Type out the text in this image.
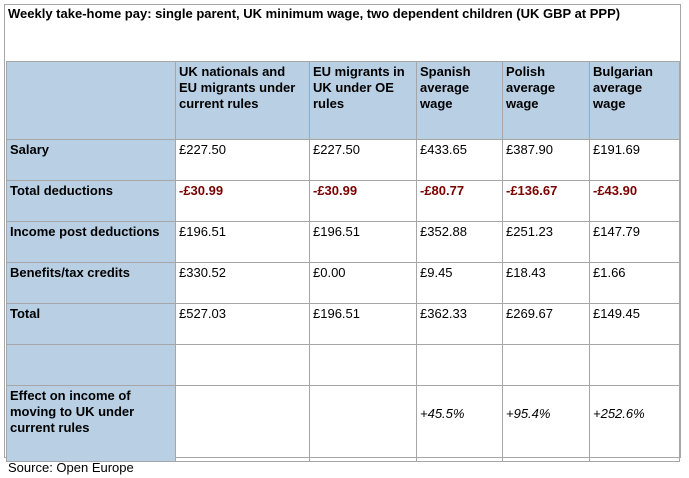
Weekly take-home pay: single parent, UK minimum wage, two dependent children (UK GBP at PPP)
	UK nationals and EU migrants under current rules	EU migrants in UK under OE rules	Spanish average wage	Polish average wage	Bulgarian average wage
Salary	£227.50	£227.50	£433.65	£387.90	£191.69
Total deductions	-£30.99	-£30.99	-£80.77	-£136.67	-£43.90
Income post deductions	£196.51	£196.51	£352.88	£251.23	£147.79
Benefits/tax credits	£330.52	£0.00	£9.45	£18.43	£1.66
Total	£527.03	£196.51	£362.33	£269.67	£149.45

Effect on income of moving to UK under current rules			+45.5%	+95.4%	+252.6%
Source: Open Europe
